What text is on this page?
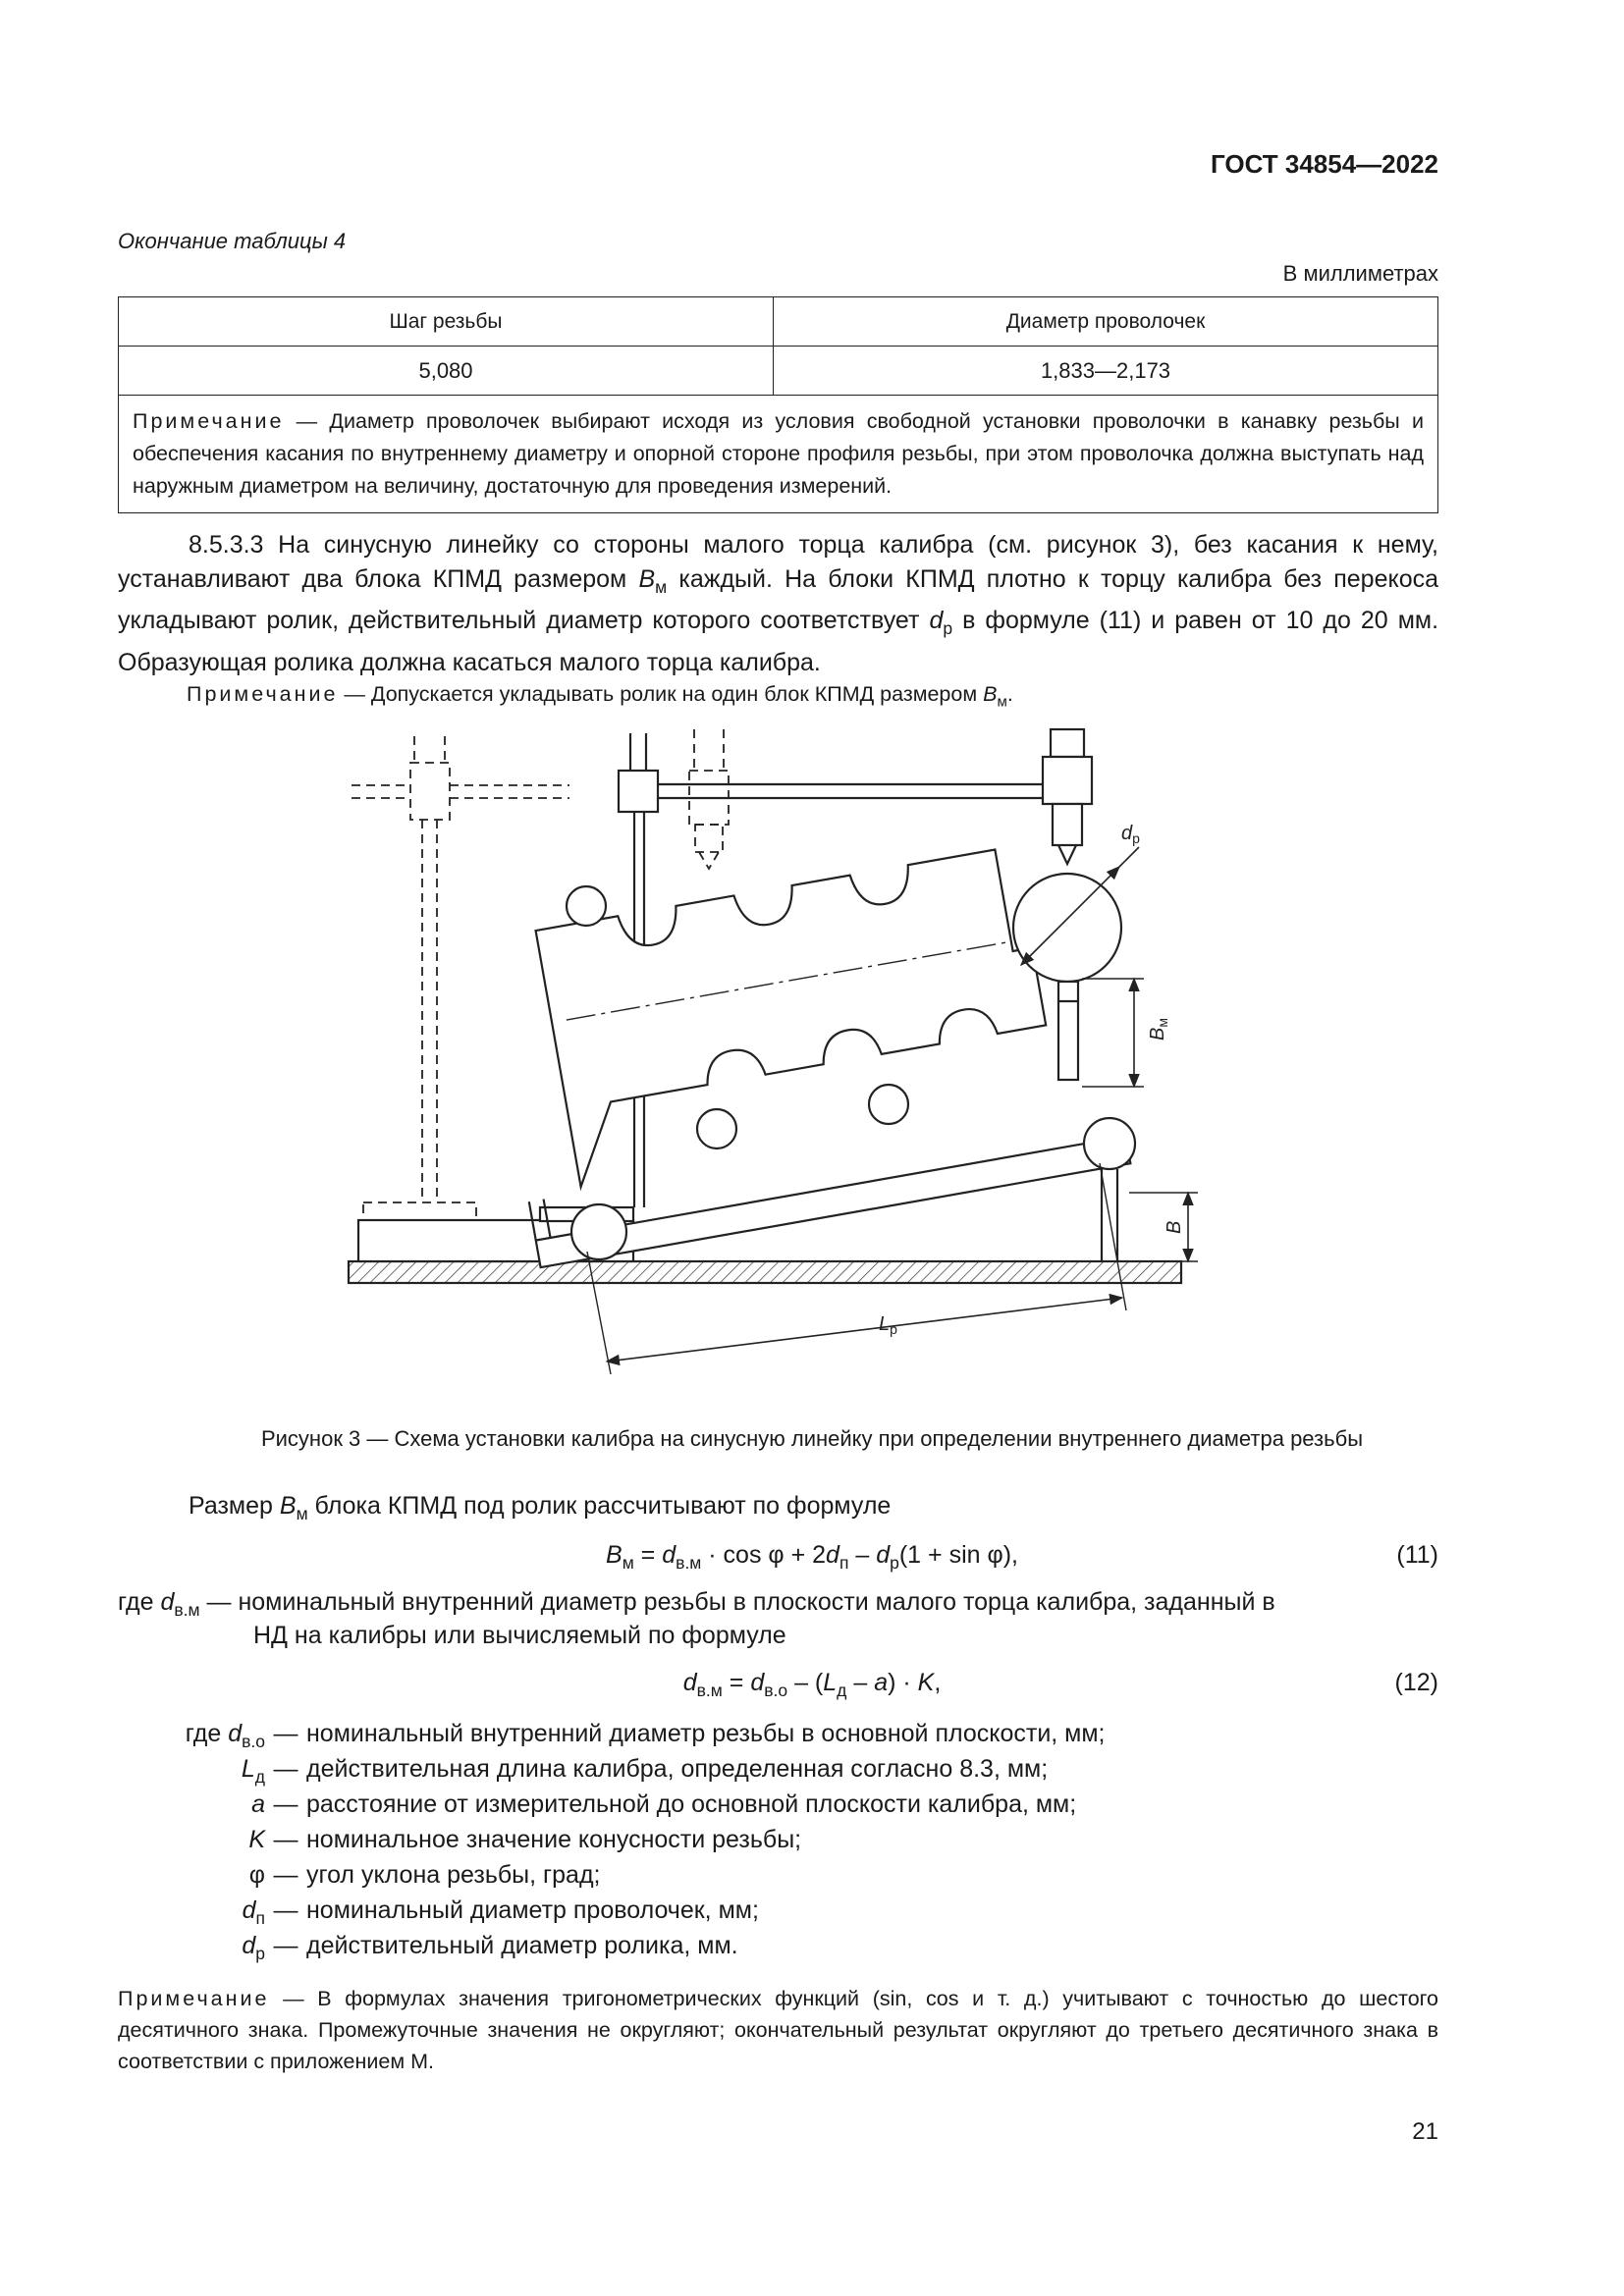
ГОСТ 34854—2022
Окончание таблицы 4
В миллиметрах
Шаг резьбы	Диаметр проволочек
5,080	1,833—2,173
Примечание — Диаметр проволочек выбирают исходя из условия свободной установки проволочки в канавку резьбы и обеспечения касания по внутреннему диаметру и опорной стороне профиля резьбы, при этом проволочка должна выступать над наружным диаметром на величину, достаточную для проведения измерений.	

8.5.3.3 На синусную линейку со стороны малого торца калибра (см. рисунок 3), без касания к нему, устанавливают два блока КПМД размером $B_м$ каждый. На блоки КПМД плотно к торцу калибра без перекоса укладывают ролик, действительный диаметр которого соответствует $d_р$ в формуле (11) и равен от 10 до 20 мм. Образующая ролика должна касаться малого торца калибра.

Примечание — Допускается укладывать ролик на один блок КПМД размером $B_м$.
$d_р$
$B_м$
B
$L_р$
Рисунок 3 — Схема установки калибра на синусную линейку при определении внутреннего диаметра резьбы
Размер $B_м$ блока КПМД под ролик рассчитывают по формуле
$B_м = d_{в.м} \cdot \cos \varphi + 2d_п - d_р(1 + \sin \varphi)$,	(11)
где $d_{в.м}$ — номинальный внутренний диаметр резьбы в плоскости малого торца калибра, заданный в
НД на калибры или вычисляемый по формуле
$d_{в.м} = d_{в.о} - (L_д - a) \cdot K$,	(12)
где $d_{в.о}$ — номинальный внутренний диаметр резьбы в основной плоскости, мм;
$L_д$ — действительная длина калибра, определенная согласно 8.3, мм;
a — расстояние от измерительной до основной плоскости калибра, мм;
K — номинальное значение конусности резьбы;
φ — угол уклона резьбы, град;
$d_п$ — номинальный диаметр проволочек, мм;
$d_р$ — действительный диаметр ролика, мм.
Примечание — В формулах значения тригонометрических функций (sin, cos и т. д.) учитывают с точностью до шестого десятичного знака. Промежуточные значения не округляют; окончательный результат округляют до третьего десятичного знака в соответствии с приложением М.
21
